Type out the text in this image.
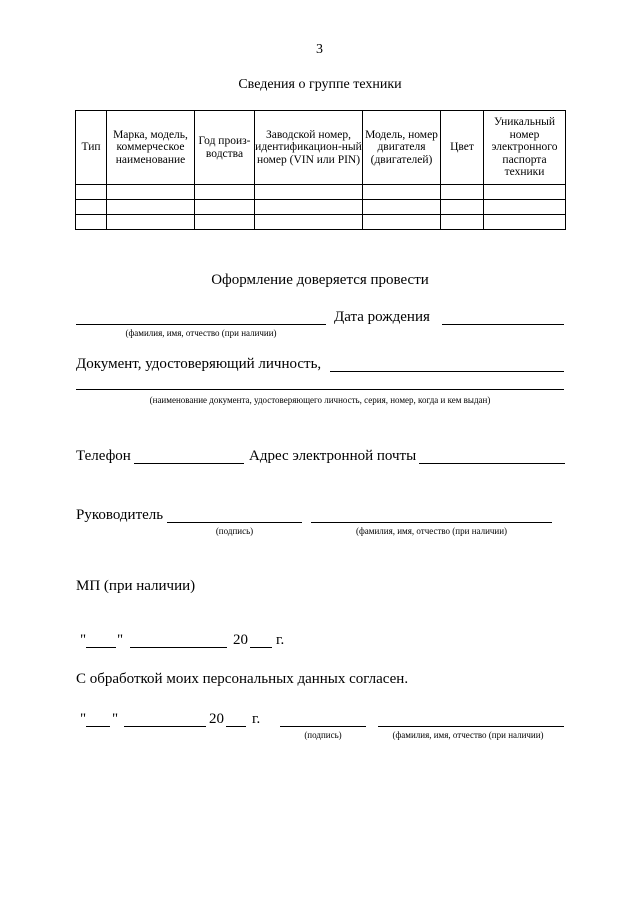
3
Сведения о группе техники
Тип	Марка, модель, коммерческое наименование	Год произ-водства	Заводской номер, идентификацион-ный номер (VIN или PIN)	Модель, номер двигателя (двигателей)	Цвет	Уникальный номер электронного паспорта техники

Оформление доверяется провести
Дата рождения
(фамилия, имя, отчество (при наличии)
Документ, удостоверяющий личность,
(наименование документа, удостоверяющего личность, серия, номер, когда и кем выдан)
Телефон	Адрес электронной почты
Руководитель
(подпись)	(фамилия, имя, отчество (при наличии)
МП (при наличии)
" "	20 г.
С обработкой моих персональных данных согласен.
" "	20 г.
(подпись)	(фамилия, имя, отчество (при наличии)
